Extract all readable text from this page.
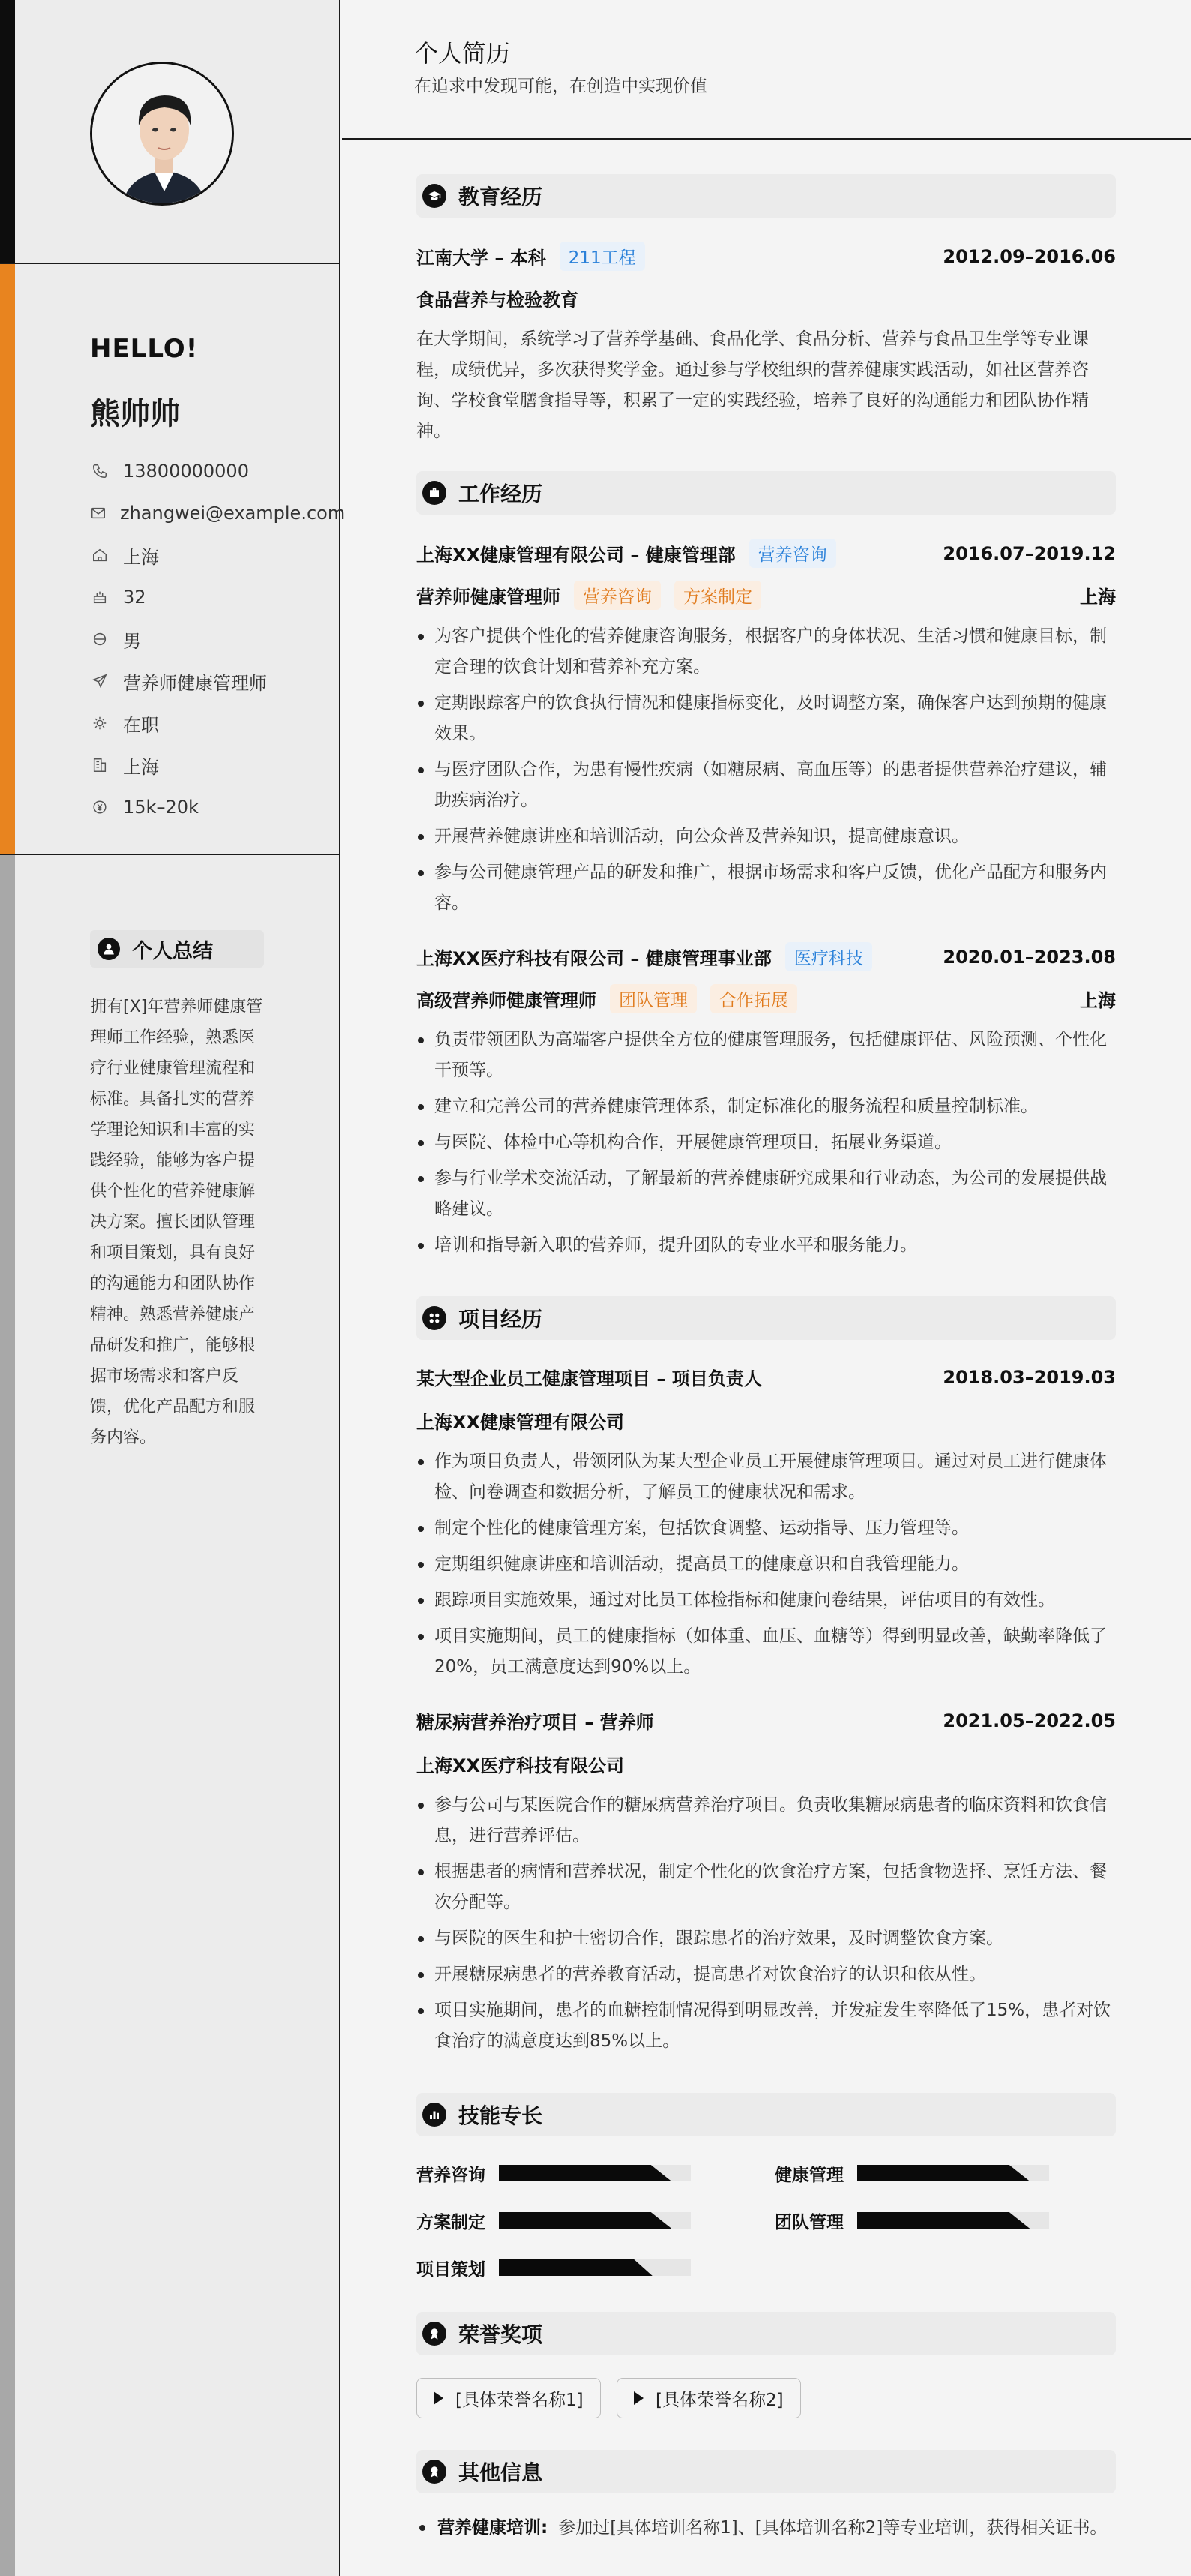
HELLO!
熊帅帅
13800000000
zhangwei@example.com
上海
32
男
营养师健康管理师
在职
上海
15k–20k
个人总结
拥有[X]年营养师健康管理师工作经验，熟悉医疗行业健康管理流程和标准。具备扎实的营养学理论知识和丰富的实践经验，能够为客户提供个性化的营养健康解决方案。擅长团队管理和项目策划，具有良好的沟通能力和团队协作精神。熟悉营养健康产品研发和推广，能够根据市场需求和客户反馈，优化产品配方和服务内容。
个人简历
在追求中发现可能，在创造中实现价值
教育经历
江南大学 – 本科	211工程	2012.09–2016.06
食品营养与检验教育
在大学期间，系统学习了营养学基础、食品化学、食品分析、营养与食品卫生学等专业课程，成绩优异，多次获得奖学金。通过参与学校组织的营养健康实践活动，如社区营养咨询、学校食堂膳食指导等，积累了一定的实践经验，培养了良好的沟通能力和团队协作精神。
工作经历
上海XX健康管理有限公司 – 健康管理部	营养咨询	2016.07–2019.12
营养师健康管理师	营养咨询	方案制定	上海
为客户提供个性化的营养健康咨询服务，根据客户的身体状况、生活习惯和健康目标，制定合理的饮食计划和营养补充方案。
定期跟踪客户的饮食执行情况和健康指标变化，及时调整方案，确保客户达到预期的健康效果。
与医疗团队合作，为患有慢性疾病（如糖尿病、高血压等）的患者提供营养治疗建议，辅助疾病治疗。
开展营养健康讲座和培训活动，向公众普及营养知识，提高健康意识。
参与公司健康管理产品的研发和推广，根据市场需求和客户反馈，优化产品配方和服务内容。
上海XX医疗科技有限公司 – 健康管理事业部	医疗科技	2020.01–2023.08
高级营养师健康管理师	团队管理	合作拓展	上海
负责带领团队为高端客户提供全方位的健康管理服务，包括健康评估、风险预测、个性化干预等。
建立和完善公司的营养健康管理体系，制定标准化的服务流程和质量控制标准。
与医院、体检中心等机构合作，开展健康管理项目，拓展业务渠道。
参与行业学术交流活动，了解最新的营养健康研究成果和行业动态，为公司的发展提供战略建议。
培训和指导新入职的营养师，提升团队的专业水平和服务能力。
项目经历
某大型企业员工健康管理项目 – 项目负责人	2018.03–2019.03
上海XX健康管理有限公司
作为项目负责人，带领团队为某大型企业员工开展健康管理项目。通过对员工进行健康体检、问卷调查和数据分析，了解员工的健康状况和需求。
制定个性化的健康管理方案，包括饮食调整、运动指导、压力管理等。
定期组织健康讲座和培训活动，提高员工的健康意识和自我管理能力。
跟踪项目实施效果，通过对比员工体检指标和健康问卷结果，评估项目的有效性。
项目实施期间，员工的健康指标（如体重、血压、血糖等）得到明显改善，缺勤率降低了20%，员工满意度达到90%以上。
糖尿病营养治疗项目 – 营养师	2021.05–2022.05
上海XX医疗科技有限公司
参与公司与某医院合作的糖尿病营养治疗项目。负责收集糖尿病患者的临床资料和饮食信息，进行营养评估。
根据患者的病情和营养状况，制定个性化的饮食治疗方案，包括食物选择、烹饪方法、餐次分配等。
与医院的医生和护士密切合作，跟踪患者的治疗效果，及时调整饮食方案。
开展糖尿病患者的营养教育活动，提高患者对饮食治疗的认识和依从性。
项目实施期间，患者的血糖控制情况得到明显改善，并发症发生率降低了15%，患者对饮食治疗的满意度达到85%以上。
技能专长
营养咨询	健康管理
方案制定	团队管理
项目策划
荣誉奖项
[具体荣誉名称1]	[具体荣誉名称2]
其他信息
营养健康培训: 参加过[具体培训名称1]、[具体培训名称2]等专业培训，获得相关证书。
